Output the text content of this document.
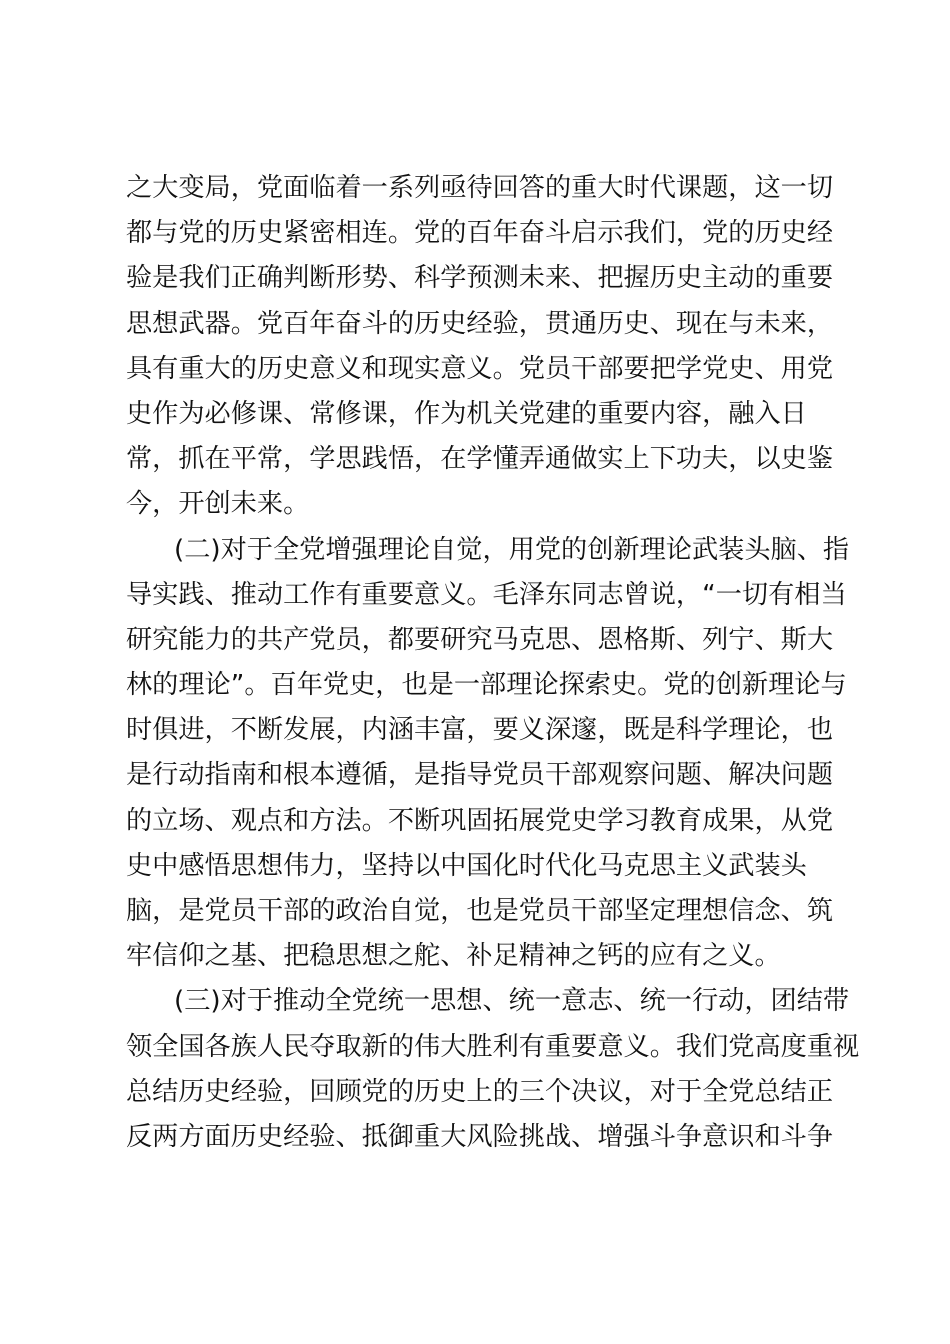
之大变局，党面临着一系列亟待回答的重大时代课题，这一切
都与党的历史紧密相连。党的百年奋斗启示我们，党的历史经
验是我们正确判断形势、科学预测未来、把握历史主动的重要
思想武器。党百年奋斗的历史经验，贯通历史、现在与未来，
具有重大的历史意义和现实意义。党员干部要把学党史、用党
史作为必修课、常修课，作为机关党建的重要内容，融入日
常，抓在平常，学思践悟，在学懂弄通做实上下功夫，以史鉴
今，开创未来。
(二)对于全党增强理论自觉，用党的创新理论武装头脑、指
导实践、推动工作有重要意义。毛泽东同志曾说，“一切有相当
研究能力的共产党员，都要研究马克思、恩格斯、列宁、斯大
林的理论”。百年党史，也是一部理论探索史。党的创新理论与
时俱进，不断发展，内涵丰富，要义深邃，既是科学理论，也
是行动指南和根本遵循，是指导党员干部观察问题、解决问题
的立场、观点和方法。不断巩固拓展党史学习教育成果，从党
史中感悟思想伟力，坚持以中国化时代化马克思主义武装头
脑，是党员干部的政治自觉，也是党员干部坚定理想信念、筑
牢信仰之基、把稳思想之舵、补足精神之钙的应有之义。
(三)对于推动全党统一思想、统一意志、统一行动，团结带
领全国各族人民夺取新的伟大胜利有重要意义。我们党高度重视
总结历史经验，回顾党的历史上的三个决议，对于全党总结正
反两方面历史经验、抵御重大风险挑战、增强斗争意识和斗争
